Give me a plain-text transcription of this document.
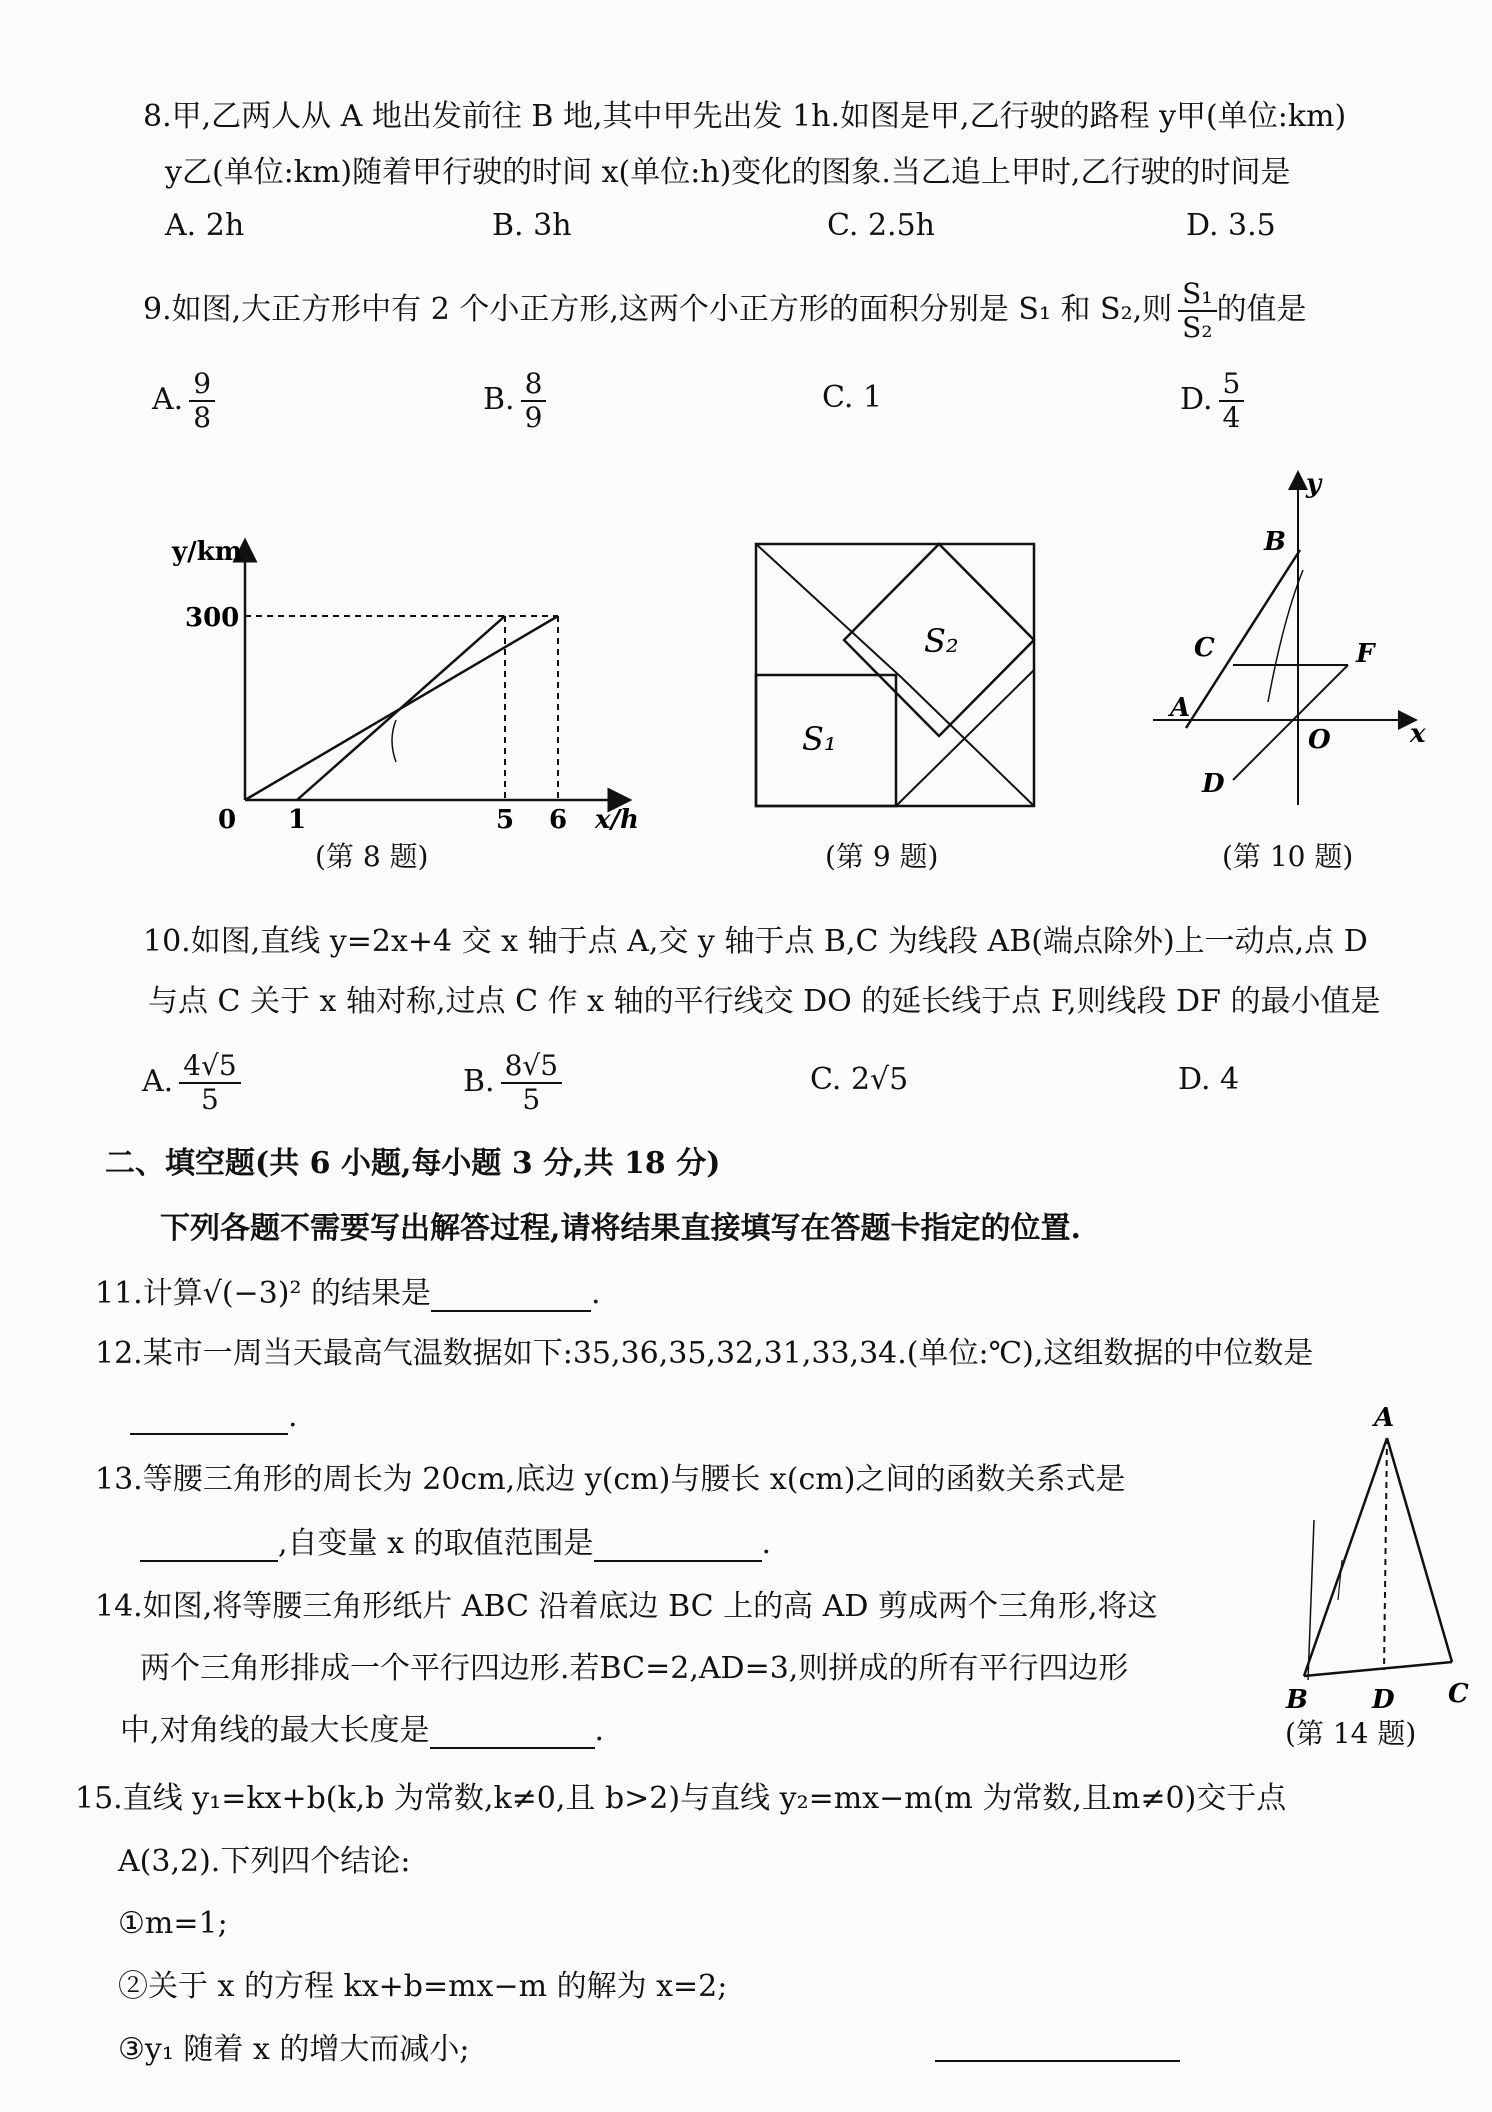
8.甲,乙两人从 A 地出发前往 B 地,其中甲先出发 1h.如图是甲,乙行驶的路程 y甲(单位:km)
y乙(单位:km)随着甲行驶的时间 x(单位:h)变化的图象.当乙追上甲时,乙行驶的时间是
A. 2h	B. 3h	C. 2.5h	D. 3.5
9.如图,大正方形中有 2 个小正方形,这两个小正方形的面积分别是 S₁ 和 S₂,则 $\frac{\text{S₁}}{\text{S₂}}$ 的值是
A. $\frac{9}{8}$	B. $\frac{8}{9}$	C. 1	D. $\frac{5}{4}$
y/km
300
0 1	5 6 x/h
(第 8 题)
S₁
S₂
(第 9 题)
y
x
B
C	F
A
O
D
(第 10 题)
10.如图,直线 y=2x+4 交 x 轴于点 A,交 y 轴于点 B,C 为线段 AB(端点除外)上一动点,点 D
与点 C 关于 x 轴对称,过点 C 作 x 轴的平行线交 DO 的延长线于点 F,则线段 DF 的最小值是
A. $\frac{4√5}{5}$	B. $\frac{8√5}{5}$	C. 2√5	D. 4
二、填空题(共 6 小题,每小题 3 分,共 18 分)
下列各题不需要写出解答过程,请将结果直接填写在答题卡指定的位置.
11.计算√(−3)² 的结果是	.
12.某市一周当天最高气温数据如下:35,36,35,32,31,33,34.(单位:℃),这组数据的中位数是
.
13.等腰三角形的周长为 20cm,底边 y(cm)与腰长 x(cm)之间的函数关系式是
,自变量 x 的取值范围是	.
14.如图,将等腰三角形纸片 ABC 沿着底边 BC 上的高 AD 剪成两个三角形,将这
两个三角形排成一个平行四边形.若BC=2,AD=3,则拼成的所有平行四边形
中,对角线的最大长度是	.
A
B D C
(第 14 题)
15.直线 y₁=kx+b(k,b 为常数,k≠0,且 b>2)与直线 y₂=mx−m(m 为常数,且m≠0)交于点
A(3,2).下列四个结论:
①m=1;
②关于 x 的方程 kx+b=mx−m 的解为 x=2;
③y₁ 随着 x 的增大而减小;
